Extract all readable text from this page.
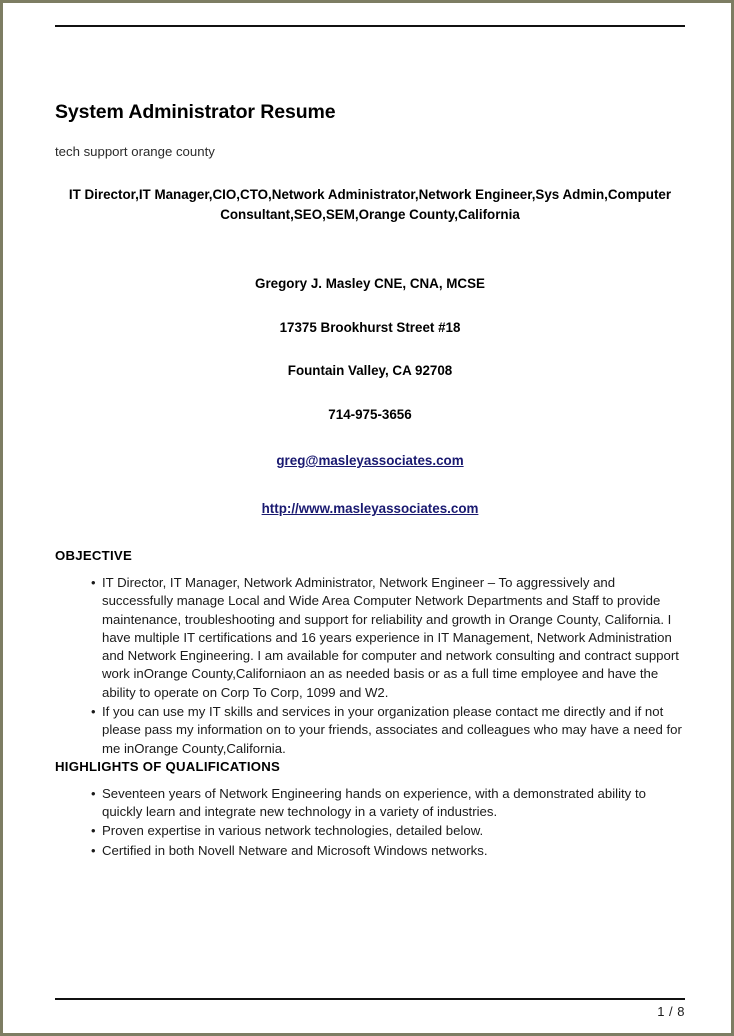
System Administrator Resume
tech support orange county
IT Director,IT Manager,CIO,CTO,Network Administrator,Network Engineer,Sys Admin,Computer Consultant,SEO,SEM,Orange County,California
Gregory J. Masley CNE, CNA, MCSE
17375 Brookhurst Street #18
Fountain Valley, CA 92708
714-975-3656
greg@masleyassociates.com
http://www.masleyassociates.com
OBJECTIVE
• IT Director, IT Manager, Network Administrator, Network Engineer – To aggressively and successfully manage Local and Wide Area Computer Network Departments and Staff to provide maintenance, troubleshooting and support for reliability and growth in Orange County, California. I have multiple IT certifications and 16 years experience in IT Management, Network Administration and Network Engineering. I am available for computer and network consulting and contract support work inOrange County,Californiaon an as needed basis or as a full time employee and have the ability to operate on Corp To Corp, 1099 and W2.
• If you can use my IT skills and services in your organization please contact me directly and if not please pass my information on to your friends, associates and colleagues who may have a need for me inOrange County,California.
HIGHLIGHTS OF QUALIFICATIONS
• Seventeen years of Network Engineering hands on experience, with a demonstrated ability to quickly learn and integrate new technology in a variety of industries.
• Proven expertise in various network technologies, detailed below.
• Certified in both Novell Netware and Microsoft Windows networks.
1 / 8
